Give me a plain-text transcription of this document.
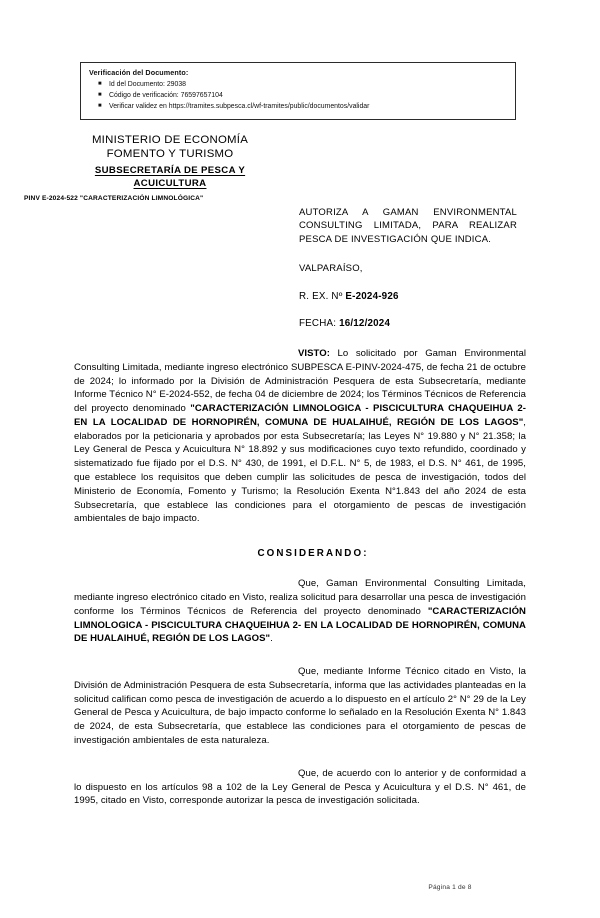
Verificación del Documento:
■ Id del Documento: 29038
■ Código de verificación: 76597657104
■ Verificar validez en https://tramites.subpesca.cl/wf-tramites/public/documentos/validar
MINISTERIO DE ECONOMÍA
FOMENTO Y TURISMO
SUBSECRETARÍA DE PESCA Y
ACUICULTURA
PINV E-2024-522 "CARACTERIZACIÓN LIMNOLÓGICA"
AUTORIZA A GAMAN ENVIRONMENTAL CONSULTING LIMITADA, PARA REALIZAR PESCA DE INVESTIGACIÓN QUE INDICA.
VALPARAÍSO,
R. EX. Nº E-2024-926
FECHA: 16/12/2024

VISTO: Lo solicitado por Gaman Environmental Consulting Limitada, mediante ingreso electrónico SUBPESCA E-PINV-2024-475, de fecha 21 de octubre de 2024; lo informado por la División de Administración Pesquera de esta Subsecretaría, mediante Informe Técnico N° E-2024-552, de fecha 04 de diciembre de 2024; los Términos Técnicos de Referencia del proyecto denominado "CARACTERIZACIÓN LIMNOLOGICA - PISCICULTURA CHAQUEIHUA 2- EN LA LOCALIDAD DE HORNOPIRÉN, COMUNA DE HUALAIHUÉ, REGIÓN DE LOS LAGOS", elaborados por la peticionaria y aprobados por esta Subsecretaría; las Leyes N° 19.880 y N° 21.358; la Ley General de Pesca y Acuicultura N° 18.892 y sus modificaciones cuyo texto refundido, coordinado y sistematizado fue fijado por el D.S. N° 430, de 1991, el D.F.L. N° 5, de 1983, el D.S. N° 461, de 1995, que establece los requisitos que deben cumplir las solicitudes de pesca de investigación, todos del Ministerio de Economía, Fomento y Turismo; la Resolución Exenta N°1.843 del año 2024 de esta Subsecretaría, que establece las condiciones para el otorgamiento de pescas de investigación ambientales de bajo impacto.

CONSIDERANDO:

Que, Gaman Environmental Consulting Limitada, mediante ingreso electrónico citado en Visto, realiza solicitud para desarrollar una pesca de investigación conforme los Términos Técnicos de Referencia del proyecto denominado "CARACTERIZACIÓN LIMNOLOGICA - PISCICULTURA CHAQUEIHUA 2- EN LA LOCALIDAD DE HORNOPIRÉN, COMUNA DE HUALAIHUÉ, REGIÓN DE LOS LAGOS".

Que, mediante Informe Técnico citado en Visto, la División de Administración Pesquera de esta Subsecretaría, informa que las actividades planteadas en la solicitud califican como pesca de investigación de acuerdo a lo dispuesto en el artículo 2° N° 29 de la Ley General de Pesca y Acuicultura, de bajo impacto conforme lo señalado en la Resolución Exenta N° 1.843 de 2024, de esta Subsecretaría, que establece las condiciones para el otorgamiento de pescas de investigación ambientales de esta naturaleza.

Que, de acuerdo con lo anterior y de conformidad a lo dispuesto en los artículos 98 a 102 de la Ley General de Pesca y Acuicultura y el D.S. N° 461, de 1995, citado en Visto, corresponde autorizar la pesca de investigación solicitada.

Página 1 de 8
